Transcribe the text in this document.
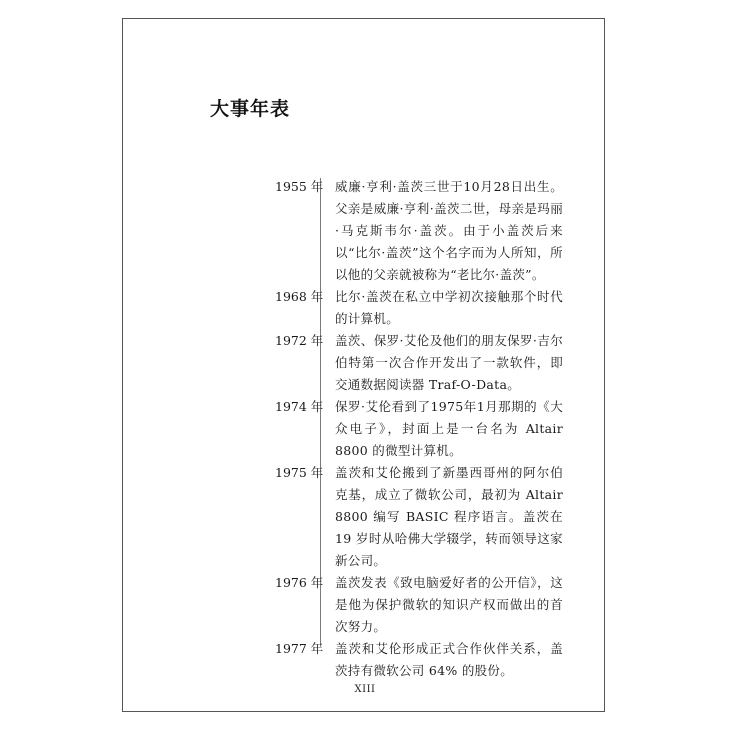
大事年表
1955 年 威廉·亨利·盖茨三世于10月28日出生。父亲是威廉·亨利·盖茨二世，母亲是玛丽·马克斯韦尔·盖茨。由于小盖茨后来以“比尔·盖茨”这个名字而为人所知，所以他的父亲就被称为“老比尔·盖茨”。
1968 年 比尔·盖茨在私立中学初次接触那个时代的计算机。
1972 年 盖茨、保罗·艾伦及他们的朋友保罗·吉尔伯特第一次合作开发出了一款软件，即交通数据阅读器 Traf-O-Data。
1974 年 保罗·艾伦看到了1975年1月那期的《大众电子》，封面上是一台名为 Altair 8800 的微型计算机。
1975 年 盖茨和艾伦搬到了新墨西哥州的阿尔伯克基，成立了微软公司，最初为 Altair 8800 编写 BASIC 程序语言。盖茨在 19 岁时从哈佛大学辍学，转而领导这家新公司。
1976 年 盖茨发表《致电脑爱好者的公开信》，这是他为保护微软的知识产权而做出的首次努力。
1977 年 盖茨和艾伦形成正式合作伙伴关系，盖茨持有微软公司 64% 的股份。
XIII
